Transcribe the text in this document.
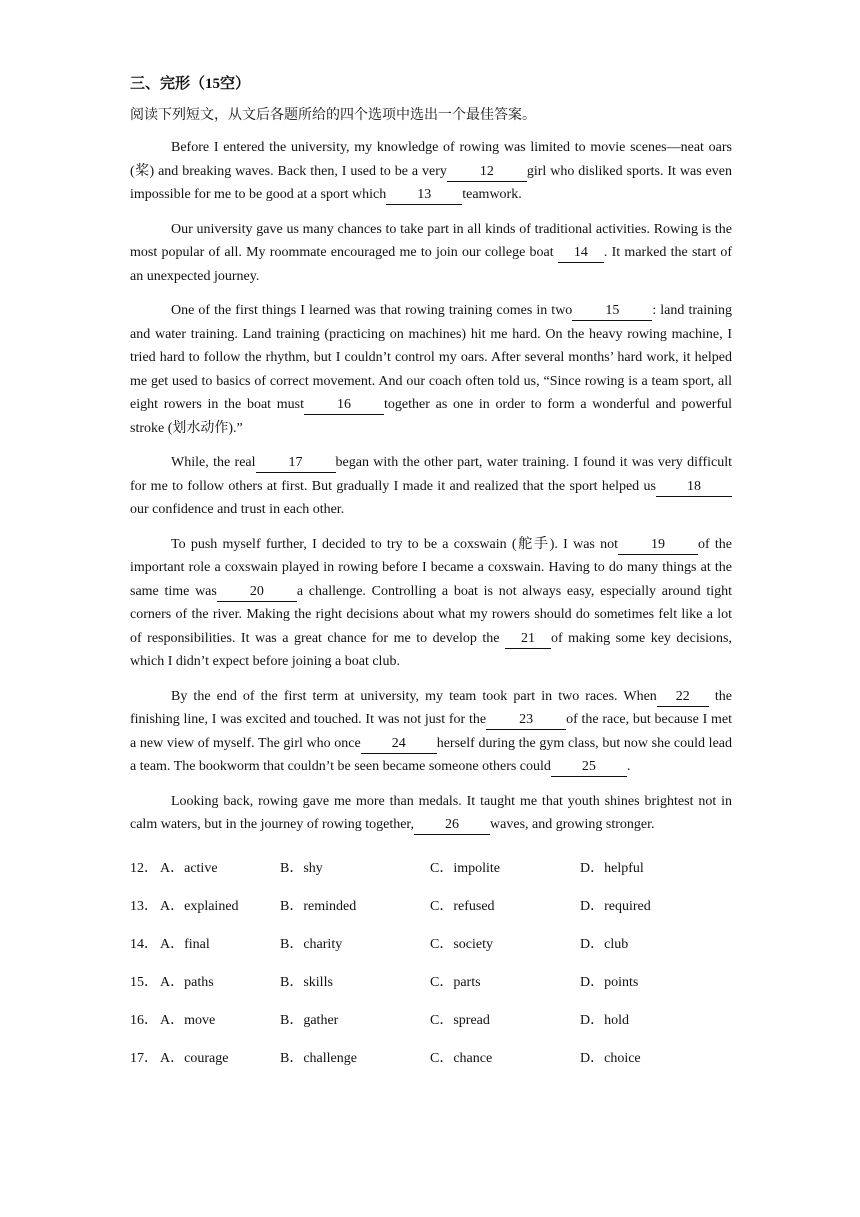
三、完形（15空）
阅读下列短文，从文后各题所给的四个选项中选出一个最佳答案。

Before I entered the university, my knowledge of rowing was limited to movie scenes—neat oars (桨) and breaking waves. Back then, I used to be a very 12 girl who disliked sports. It was even impossible for me to be good at a sport which 13 teamwork.

Our university gave us many chances to take part in all kinds of traditional activities. Rowing is the most popular of all. My roommate encouraged me to join our college boat 14 . It marked the start of an unexpected journey.

One of the first things I learned was that rowing training comes in two 15 : land training and water training. Land training (practicing on machines) hit me hard. On the heavy rowing machine, I tried hard to follow the rhythm, but I couldn’t control my oars. After several months’ hard work, it helped me get used to basics of correct movement. And our coach often told us, “Since rowing is a team sport, all eight rowers in the boat must 16 together as one in order to form a wonderful and powerful stroke (划水动作).”

While, the real 17 began with the other part, water training. I found it was very difficult for me to follow others at first. But gradually I made it and realized that the sport helped us 18our confidence and trust in each other.

To push myself further, I decided to try to be a coxswain (舵手). I was not 19 of the important role a coxswain played in rowing before I became a coxswain. Having to do many things at the same time was 20 a challenge. Controlling a boat is not always easy, especially around tight corners of the river. Making the right decisions about what my rowers should do sometimes felt like a lot of responsibilities. It was a great chance for me to develop the 21 of making some key decisions, which I didn’t expect before joining a boat club.

By the end of the first term at university, my team took part in two races. When 22 the finishing line, I was excited and touched. It was not just for the 23 of the race, but because I met a new view of myself. The girl who once 24 herself during the gym class, but now she could lead a team. The bookworm that couldn’t be seen became someone others could 25 .

Looking back, rowing gave me more than medals. It taught me that youth shines brightest not in calm waters, but in the journey of rowing together, 26 waves, and growing stronger.

12． A．active	B．shy	C．impolite	D．helpful
13． A．explained	B．reminded	C．refused	D．required
14． A．final	B．charity	C．society	D．club
15． A．paths	B．skills	C．parts	D．points
16． A．move	B．gather	C．spread	D．hold
17． A．courage	B．challenge	C．chance	D．choice
